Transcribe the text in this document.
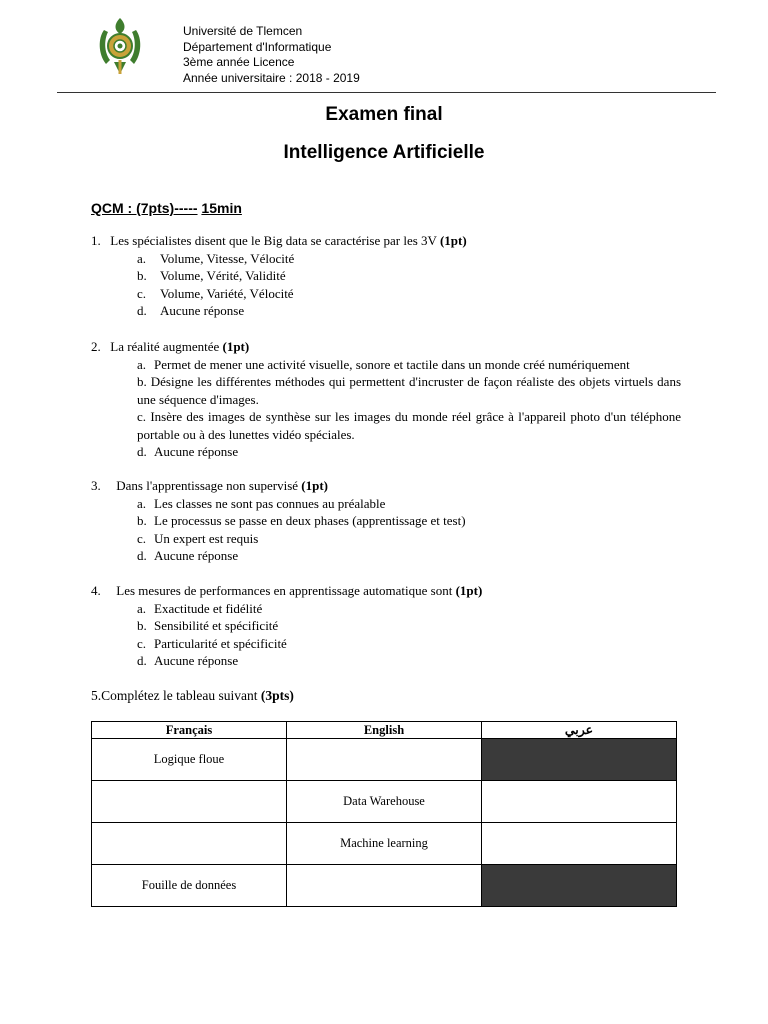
Université de Tlemcen
Département d'Informatique
3ème année Licence
Année universitaire : 2018 - 2019
Examen final
Intelligence Artificielle
QCM : (7pts)----- 15min
1. Les spécialistes disent que le Big data se caractérise par les 3V (1pt)
a. Volume, Vitesse, Vélocité
b. Volume, Vérité, Validité
c. Volume, Variété, Vélocité
d. Aucune réponse
2. La réalité augmentée (1pt)
a. Permet de mener une activité visuelle, sonore et tactile dans un monde créé numériquement
b. Désigne les différentes méthodes qui permettent d'incruster de façon réaliste des objets virtuels dans une séquence d'images.
c. Insère des images de synthèse sur les images du monde réel grâce à l'appareil photo d'un téléphone portable ou à des lunettes vidéo spéciales.
d. Aucune réponse
3. Dans l'apprentissage non supervisé (1pt)
a. Les classes ne sont pas connues au préalable
b. Le processus se passe en deux phases (apprentissage et test)
c. Un expert est requis
d. Aucune réponse
4. Les mesures de performances en apprentissage automatique sont (1pt)
a. Exactitude et fidélité
b. Sensibilité et spécificité
c. Particularité et spécificité
d. Aucune réponse
5.Complétez le tableau suivant (3pts)
Français	English	عربي
Logique floue		
	Data Warehouse	
	Machine learning	
Fouille de données		
